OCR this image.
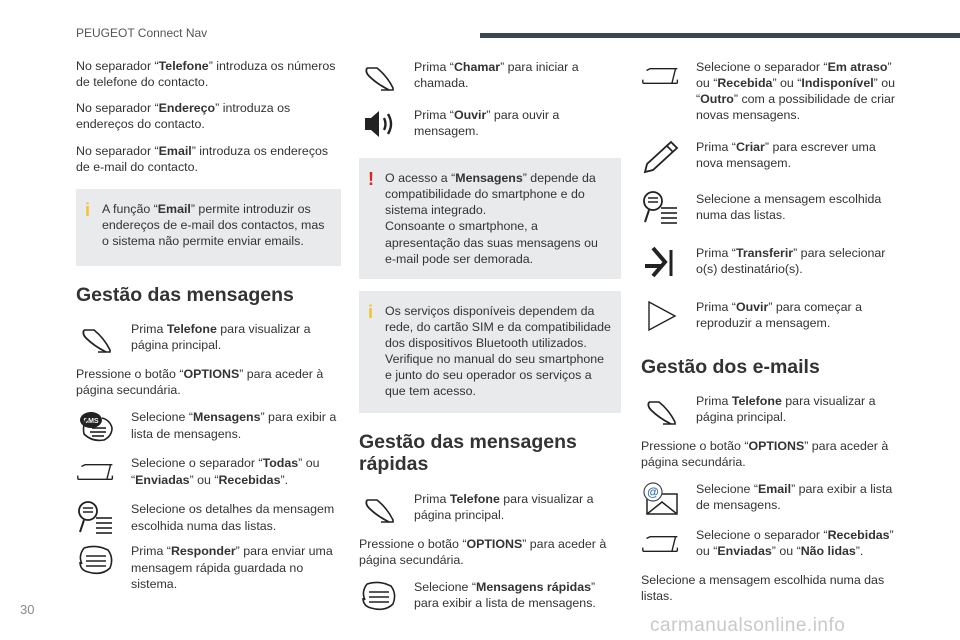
PEUGEOT Connect Nav

No separador “Telefone” introduza os números de telefone do contacto.

No separador “Endereço” introduza os endereços do contacto.

No separador “Email” introduza os endereços de e-mail do contacto.

i A função “Email” permite introduzir os endereços de e-mail dos contactos, mas o sistema não permite enviar emails.
Gestão das mensagens
Prima Telefone para visualizar a página principal.

Pressione o botão “OPTIONS” para aceder à página secundária.

Selecione “Mensagens” para exibir a lista de mensagens.
Selecione o separador “Todas” ou “Enviadas” ou “Recebidas”.
Selecione os detalhes da mensagem escolhida numa das listas.
Prima “Responder” para enviar uma mensagem rápida guardada no sistema.
Prima “Chamar” para iniciar a chamada.
Prima “Ouvir” para ouvir a mensagem.
! O acesso a “Mensagens” depende da compatibilidade do smartphone e do sistema integrado.
Consoante o smartphone, a apresentação das suas mensagens ou e-mail pode ser demorada.
i Os serviços disponíveis dependem da rede, do cartão SIM e da compatibilidade dos dispositivos Bluetooth utilizados. Verifique no manual do seu smartphone e junto do seu operador os serviços a que tem acesso.
Gestão das mensagens rápidas
Prima Telefone para visualizar a página principal.

Pressione o botão “OPTIONS” para aceder à página secundária.

Selecione “Mensagens rápidas” para exibir a lista de mensagens.
Selecione o separador “Em atraso” ou “Recebida” ou “Indisponível” ou “Outro” com a possibilidade de criar novas mensagens.
Prima “Criar” para escrever uma nova mensagem.
Selecione a mensagem escolhida numa das listas.
Prima “Transferir” para selecionar o(s) destinatário(s).
Prima “Ouvir” para começar a reproduzir a mensagem.
Gestão dos e-mails
Prima Telefone para visualizar a página principal.

Pressione o botão “OPTIONS” para aceder à página secundária.

Selecione “Email” para exibir a lista de mensagens.
Selecione o separador “Recebidas” ou “Enviadas” ou “Não lidas”.

Selecione a mensagem escolhida numa das listas.

30
carmanualsonline.info
